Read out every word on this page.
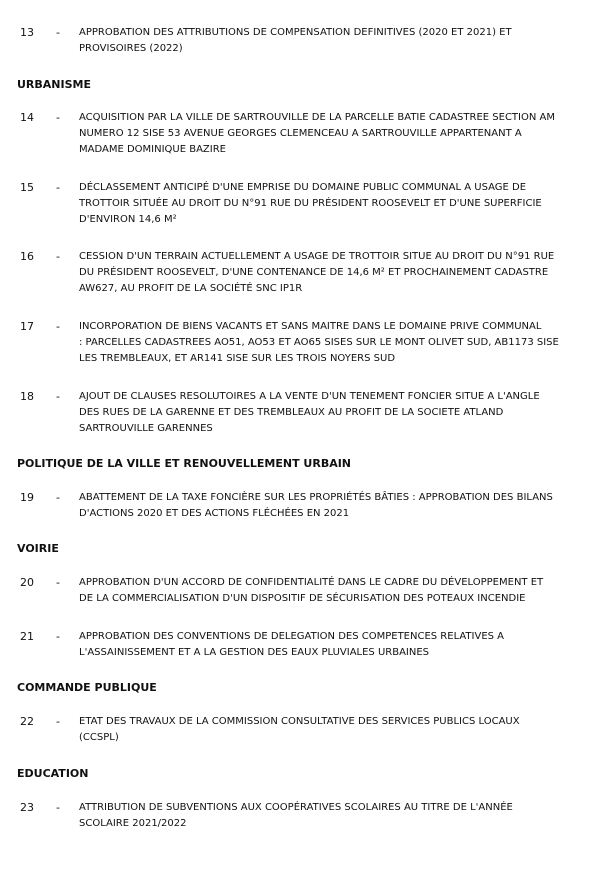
13 - APPROBATION DES ATTRIBUTIONS DE COMPENSATION DEFINITIVES (2020 ET 2021) ET
PROVISOIRES (2022)
URBANISME
14 - ACQUISITION PAR LA VILLE DE SARTROUVILLE DE LA PARCELLE BATIE CADASTREE SECTION AM
NUMERO 12 SISE 53 AVENUE GEORGES CLEMENCEAU A SARTROUVILLE APPARTENANT A
MADAME DOMINIQUE BAZIRE
15 - DÉCLASSEMENT ANTICIPÉ D'UNE EMPRISE DU DOMAINE PUBLIC COMMUNAL A USAGE DE
TROTTOIR SITUÉE AU DROIT DU N°91 RUE DU PRÉSIDENT ROOSEVELT ET D'UNE SUPERFICIE
D'ENVIRON 14,6 M²
16 - CESSION D'UN TERRAIN ACTUELLEMENT A USAGE DE TROTTOIR SITUE AU DROIT DU N°91 RUE
DU PRÉSIDENT ROOSEVELT, D'UNE CONTENANCE DE 14,6 M² ET PROCHAINEMENT CADASTRE
AW627, AU PROFIT DE LA SOCIÉTÉ SNC IP1R
17 - INCORPORATION DE BIENS VACANTS ET SANS MAITRE DANS LE DOMAINE PRIVE COMMUNAL
: PARCELLES CADASTREES AO51, AO53 ET AO65 SISES SUR LE MONT OLIVET SUD, AB1173 SISE
LES TREMBLEAUX, ET AR141 SISE SUR LES TROIS NOYERS SUD
18 - AJOUT DE CLAUSES RESOLUTOIRES A LA VENTE D'UN TENEMENT FONCIER SITUE A L'ANGLE
DES RUES DE LA GARENNE ET DES TREMBLEAUX AU PROFIT DE LA SOCIETE ATLAND
SARTROUVILLE GARENNES
POLITIQUE DE LA VILLE ET RENOUVELLEMENT URBAIN
19 - ABATTEMENT DE LA TAXE FONCIÈRE SUR LES PROPRIÉTÉS BÂTIES : APPROBATION DES BILANS
D'ACTIONS 2020 ET DES ACTIONS FLÉCHÉES EN 2021
VOIRIE
20 - APPROBATION D'UN ACCORD DE CONFIDENTIALITÉ DANS LE CADRE DU DÉVELOPPEMENT ET
DE LA COMMERCIALISATION D'UN DISPOSITIF DE SÉCURISATION DES POTEAUX INCENDIE
21 - APPROBATION DES CONVENTIONS DE DELEGATION DES COMPETENCES RELATIVES A
L'ASSAINISSEMENT ET A LA GESTION DES EAUX PLUVIALES URBAINES
COMMANDE PUBLIQUE
22 - ETAT DES TRAVAUX DE LA COMMISSION CONSULTATIVE DES SERVICES PUBLICS LOCAUX
(CCSPL)
EDUCATION
23 - ATTRIBUTION DE SUBVENTIONS AUX COOPÉRATIVES SCOLAIRES AU TITRE DE L'ANNÉE
SCOLAIRE 2021/2022
